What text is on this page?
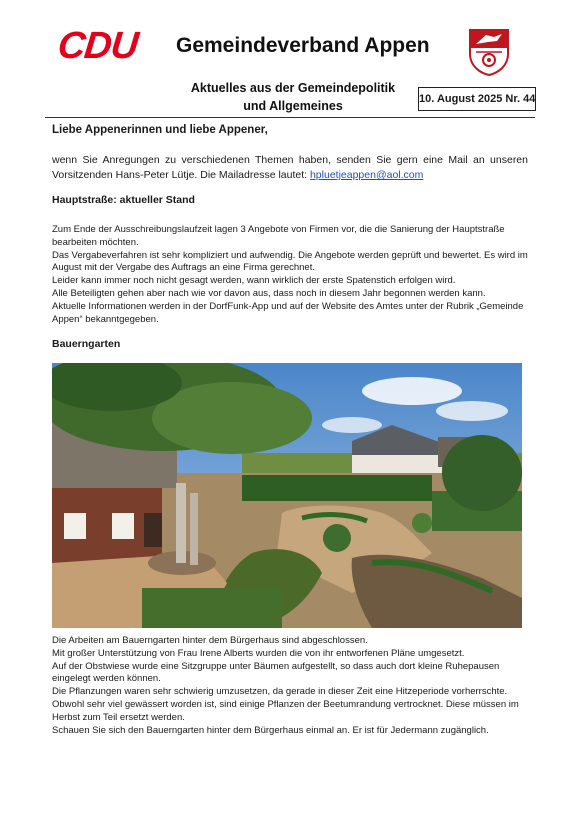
CDU Gemeindeverband Appen
Aktuelles aus der Gemeindepolitik
und Allgemeines	10. August 2025 Nr. 44
Liebe Appenerinnen und liebe Appener,
wenn Sie Anregungen zu verschiedenen Themen haben, senden Sie gern eine Mail an unseren Vorsitzenden Hans-Peter Lütje. Die Mailadresse lautet: hpluetjeappen@aol.com
Hauptstraße: aktueller Stand

Zum Ende der Ausschreibungslaufzeit lagen 3 Angebote von Firmen vor, die die Sanierung der Hauptstraße bearbeiten möchten.

Das Vergabeverfahren ist sehr kompliziert und aufwendig. Die Angebote werden geprüft und bewertet. Es wird im August mit der Vergabe des Auftrags an eine Firma gerechnet.

Leider kann immer noch nicht gesagt werden, wann wirklich der erste Spatenstich erfolgen wird.

Alle Beteiligten gehen aber nach wie vor davon aus, dass noch in diesem Jahr begonnen werden kann.

Aktuelle Informationen werden in der DorfFunk-App und auf der Website des Amtes unter der Rubrik „Gemeinde Appen“ bekanntgegeben.

Bauerngarten

Die Arbeiten am Bauerngarten hinter dem Bürgerhaus sind abgeschlossen.

Mit großer Unterstützung von Frau Irene Alberts wurden die von ihr entworfenen Pläne umgesetzt.

Auf der Obstwiese wurde eine Sitzgruppe unter Bäumen aufgestellt, so dass auch dort kleine Ruhepausen eingelegt werden können.

Die Pflanzungen waren sehr schwierig umzusetzen, da gerade in dieser Zeit eine Hitzeperiode vorherrschte.

Obwohl sehr viel gewässert worden ist, sind einige Pflanzen der Beetumrandung vertrocknet. Diese müssen im Herbst zum Teil ersetzt werden.

Schauen Sie sich den Bauerngarten hinter dem Bürgerhaus einmal an. Er ist für Jedermann zugänglich.
